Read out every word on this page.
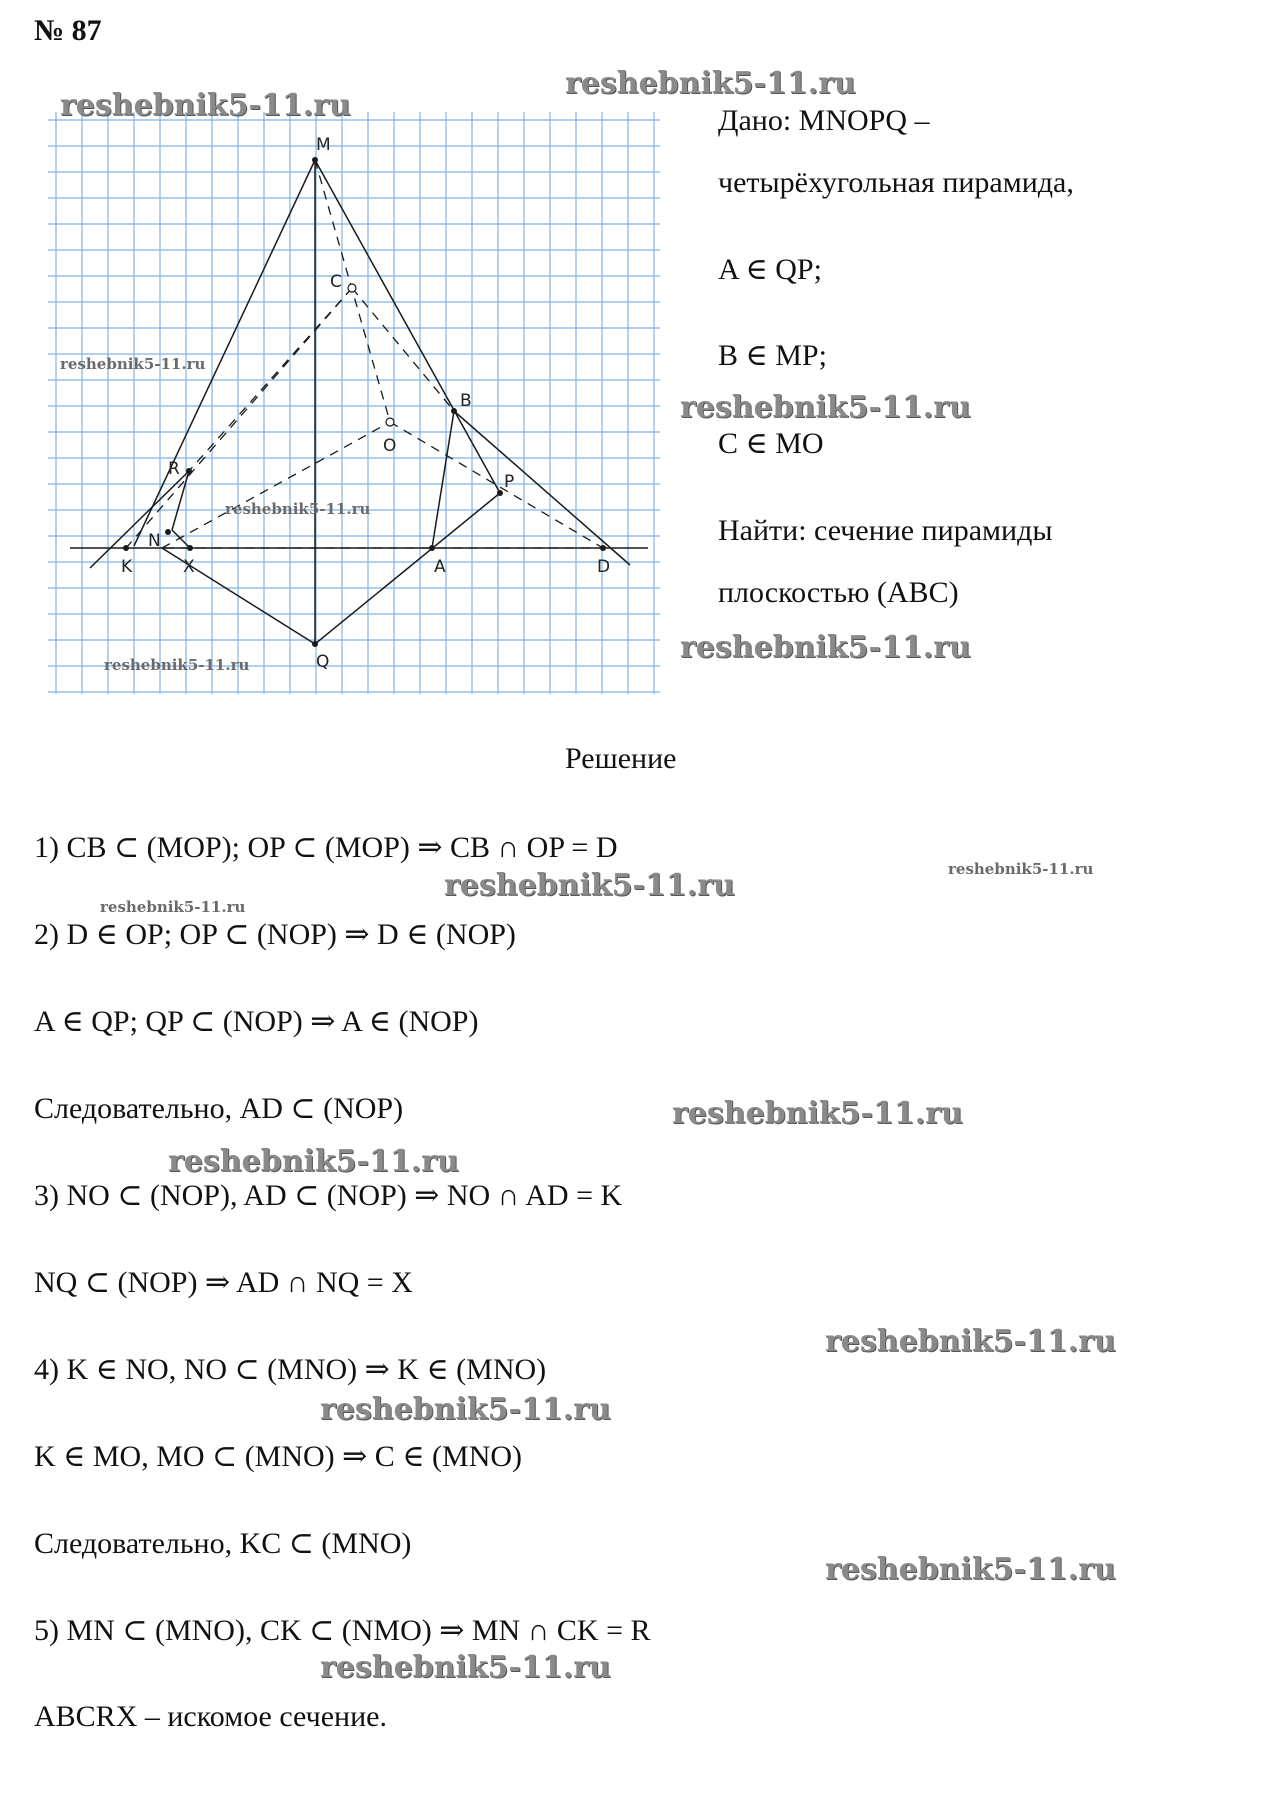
№ 87
M
C
B
O
R
P
N
K	X	A	D
Q
Дано: MNOPQ –
четырёхугольная пирамида,
A ∈ QP;
B ∈ MP;
C ∈ MO
Найти: сечение пирамиды
плоскостью (ABC)
Решение
1) CB ⊂ (MOP); OP ⊂ (MOP) ⇒ CB ∩ OP = D
2) D ∈ OP; OP ⊂ (NOP) ⇒ D ∈ (NOP)
A ∈ QP; QP ⊂ (NOP) ⇒ A ∈ (NOP)
Следовательно, AD ⊂ (NOP)
3) NO ⊂ (NOP), AD ⊂ (NOP) ⇒ NO ∩ AD = K
NQ ⊂ (NOP) ⇒ AD ∩ NQ = X
4) K ∈ NO, NO ⊂ (MNO) ⇒ K ∈ (MNO)
K ∈ MO, MO ⊂ (MNO) ⇒ C ∈ (MNO)
Следовательно, KC ⊂ (MNO)
5) MN ⊂ (MNO), CK ⊂ (NMO) ⇒ MN ∩ CK = R
ABCRX – искомое сечение.
reshebnik5-11.ru
reshebnik5-11.ru
reshebnik5-11.ru
reshebnik5-11.ru
reshebnik5-11.ru
reshebnik5-11.ru	reshebnik5-11.ru
reshebnik5-11.ru
reshebnik5-11.ru
reshebnik5-11.ru
reshebnik5-11.ru
reshebnik5-11.ru
reshebnik5-11.ru
reshebnik5-11.ru
reshebnik5-11.ru
reshebnik5-11.ru
